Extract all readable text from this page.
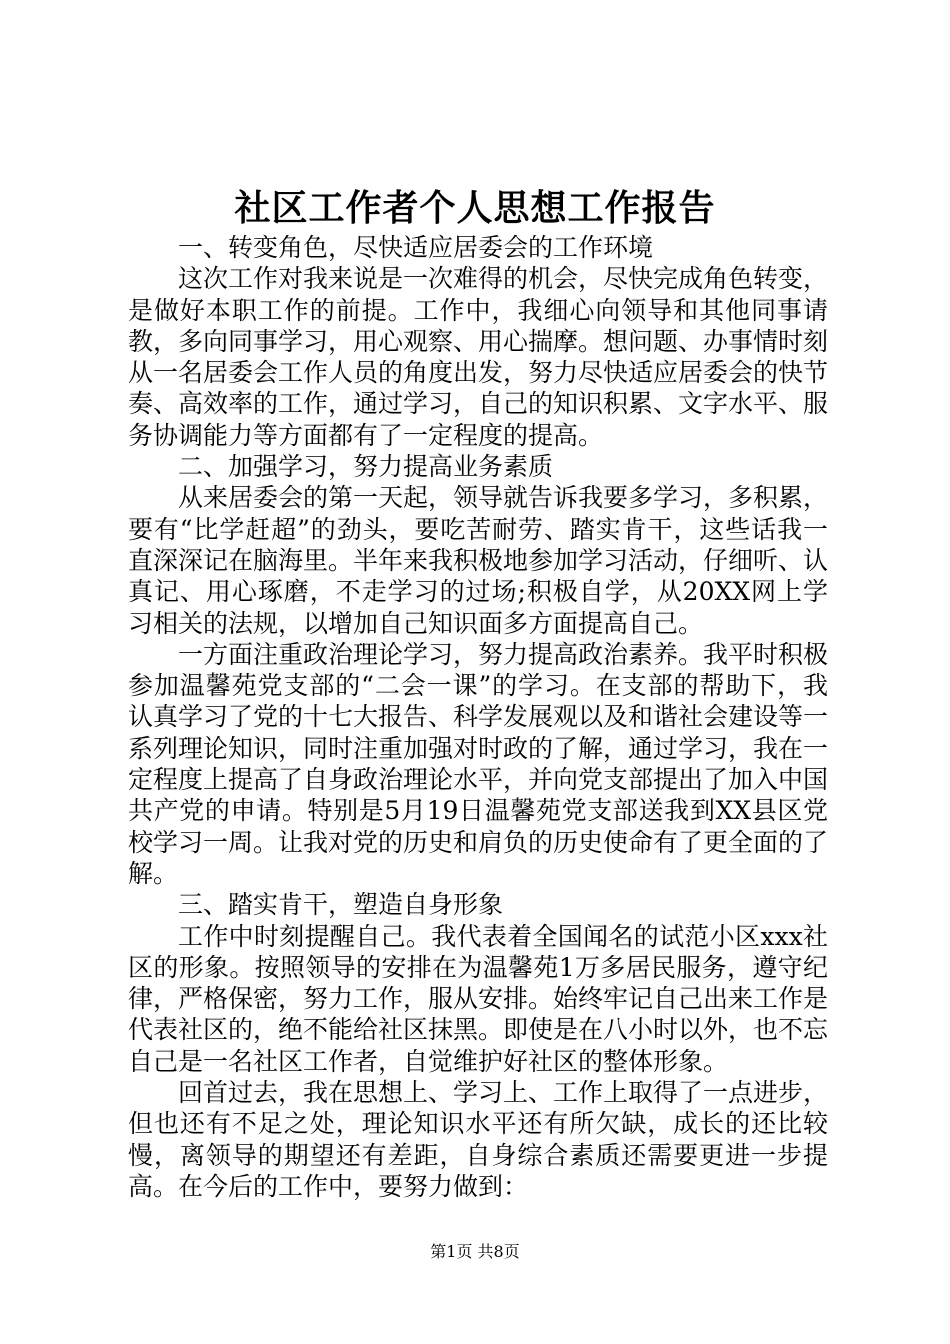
社区工作者个人思想工作报告

一、转变角色，尽快适应居委会的工作环境

这次工作对我来说是一次难得的机会，尽快完成角色转变，是做好本职工作的前提。工作中，我细心向领导和其他同事请教，多向同事学习，用心观察、用心揣摩。想问题、办事情时刻从一名居委会工作人员的角度出发，努力尽快适应居委会的快节奏、高效率的工作，通过学习，自己的知识积累、文字水平、服务协调能力等方面都有了一定程度的提高。

二、加强学习，努力提高业务素质

从来居委会的第一天起，领导就告诉我要多学习，多积累，要有“比学赶超”的劲头，要吃苦耐劳、踏实肯干，这些话我一直深深记在脑海里。半年来我积极地参加学习活动，仔细听、认真记、用心琢磨，不走学习的过场;积极自学，从20XX网上学习相关的法规，以增加自己知识面多方面提高自己。

一方面注重政治理论学习，努力提高政治素养。我平时积极参加温馨苑党支部的“二会一课”的学习。在支部的帮助下，我认真学习了党的十七大报告、科学发展观以及和谐社会建设等一系列理论知识，同时注重加强对时政的了解，通过学习，我在一定程度上提高了自身政治理论水平，并向党支部提出了加入中国共产党的申请。特别是5月19日温馨苑党支部送我到XX县区党校学习一周。让我对党的历史和肩负的历史使命有了更全面的了解。

三、踏实肯干，塑造自身形象

工作中时刻提醒自己。我代表着全国闻名的试范小区xxx社区的形象。按照领导的安排在为温馨苑1万多居民服务，遵守纪律，严格保密，努力工作，服从安排。始终牢记自己出来工作是代表社区的，绝不能给社区抹黑。即使是在八小时以外，也不忘自己是一名社区工作者，自觉维护好社区的整体形象。

回首过去，我在思想上、学习上、工作上取得了一点进步，但也还有不足之处，理论知识水平还有所欠缺，成长的还比较慢，离领导的期望还有差距，自身综合素质还需要更进一步提高。在今后的工作中，要努力做到：

第1页 共8页
